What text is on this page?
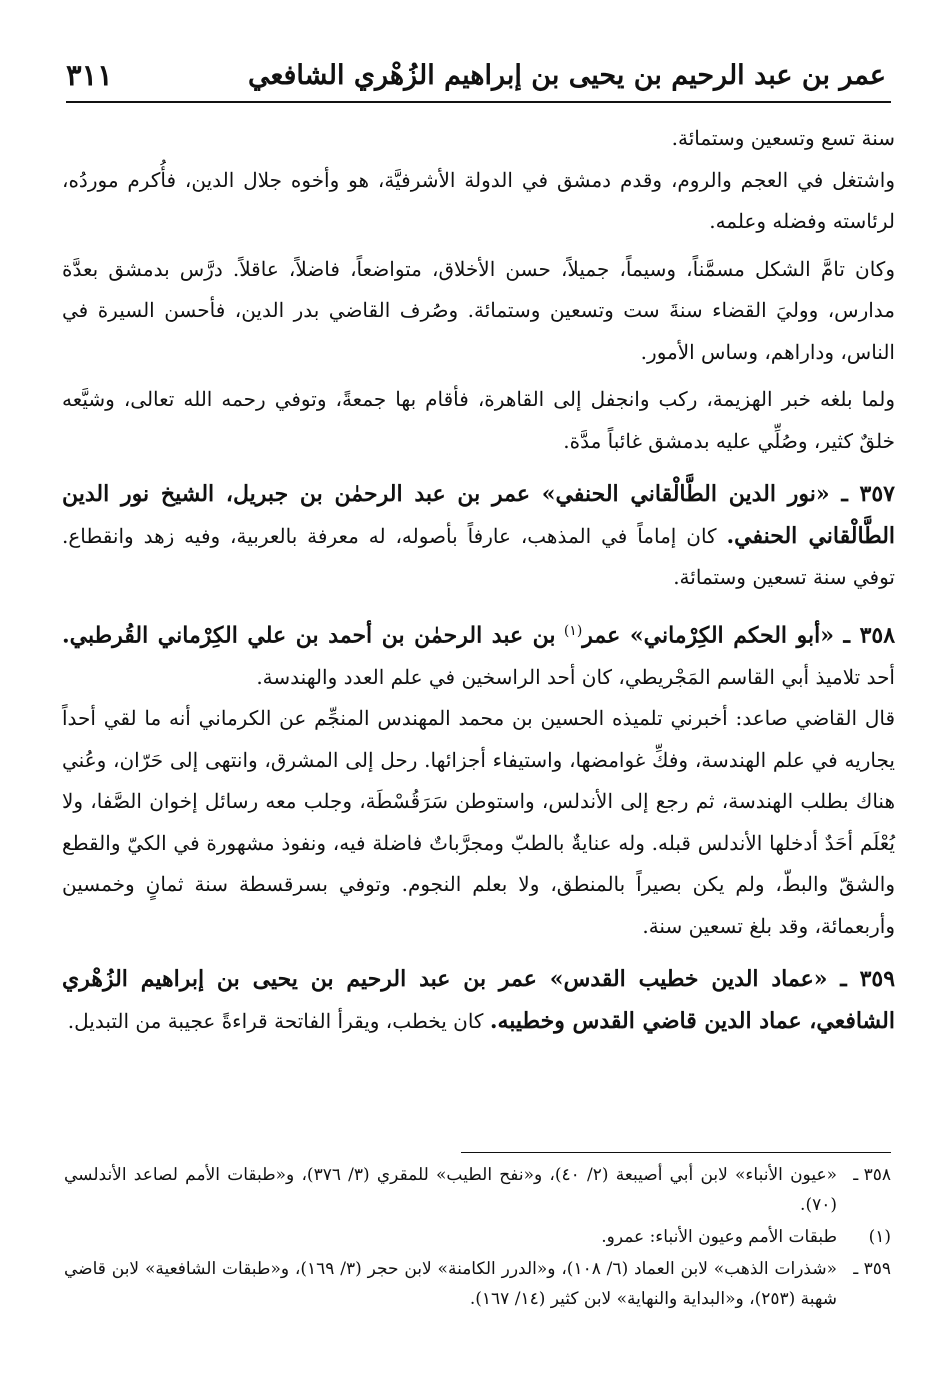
عمر بن عبد الرحيم بن يحيى بن إبراهيم الزُهْري الشافعي
٣١١

سنة تسع وتسعين وستمائة.

واشتغل في العجم والروم، وقدم دمشق في الدولة الأشرفيَّة، هو وأخوه جلال الدين، فأُكرم موردُه، لرئاسته وفضله وعلمه.

وكان تامَّ الشكل مسمَّناً، وسيماً، جميلاً، حسن الأخلاق، متواضعاً، فاضلاً، عاقلاً. درَّس بدمشق بعدَّة مدارس، ووليَ القضاء سنةَ ست وتسعين وستمائة. وصُرف القاضي بدر الدين، فأحسن السيرة في الناس، وداراهم، وساس الأمور.

ولما بلغه خبر الهزيمة، ركب وانجفل إلى القاهرة، فأقام بها جمعةً، وتوفي رحمه الله تعالى، وشيَّعه خلقٌ كثير، وصُلِّي عليه بدمشق غائباً مدَّة.

٣٥٧ ـ «نور الدين الطَّالْقاني الحنفي» عمر بن عبد الرحمٰن بن جبريل، الشيخ نور الدين الطَّالْقاني الحنفي. كان إماماً في المذهب، عارفاً بأصوله، له معرفة بالعربية، وفيه زهد وانقطاع. توفي سنة تسعين وستمائة.

٣٥٨ ـ «أبو الحكم الكِرْماني» عمر$^{(١)}$ بن عبد الرحمٰن بن أحمد بن علي الكِرْماني القُرطبي. أحد تلاميذ أبي القاسم المَجْريطي، كان أحد الراسخين في علم العدد والهندسة.

قال القاضي صاعد: أخبرني تلميذه الحسين بن محمد المهندس المنجِّم عن الكرماني أنه ما لقي أحداً يجاريه في علم الهندسة، وفكِّ غوامضها، واستيفاء أجزائها. رحل إلى المشرق، وانتهى إلى حَرّان، وعُني هناك بطلب الهندسة، ثم رجع إلى الأندلس، واستوطن سَرَقُسْطَة، وجلب معه رسائل إخوان الصَّفا، ولا يُعْلَم أحَدٌ أدخلها الأندلس قبله. وله عنايةٌ بالطبّ ومجرَّباتٌ فاضلة فيه، ونفوذ مشهورة في الكيّ والقطع والشقّ والبطّ، ولم يكن بصيراً بالمنطق، ولا بعلم النجوم. وتوفي بسرقسطة سنة ثمانٍ وخمسين وأربعمائة، وقد بلغ تسعين سنة.

٣٥٩ ـ «عماد الدين خطيب القدس» عمر بن عبد الرحيم بن يحيى بن إبراهيم الزُهْري الشافعي، عماد الدين قاضي القدس وخطيبه. كان يخطب، ويقرأ الفاتحة قراءةً عجيبة من التبديل.

٣٥٨ ـ
«عيون الأنباء» لابن أبي أصيبعة (٢/ ٤٠)، و«نفح الطيب» للمقري (٣/ ٣٧٦)، و«طبقات الأمم لصاعد الأندلسي (٧٠).
(١)
طبقات الأمم وعيون الأنباء: عمرو.
٣٥٩ ـ
«شذرات الذهب» لابن العماد (٦/ ١٠٨)، و«الدرر الكامنة» لابن حجر (٣/ ١٦٩)، و«طبقات الشافعية» لابن قاضي شهبة (٢٥٣)، و«البداية والنهاية» لابن كثير (١٤/ ١٦٧).
